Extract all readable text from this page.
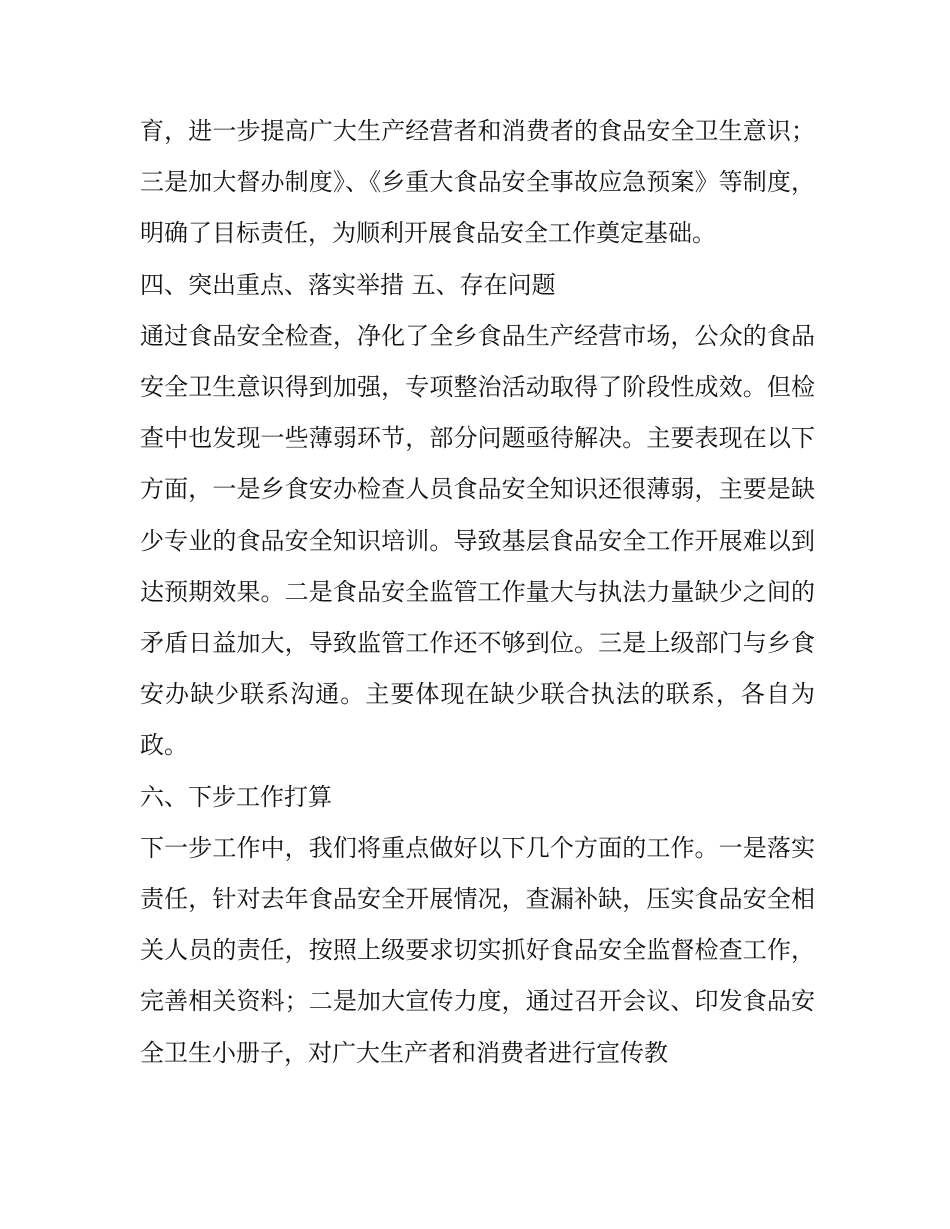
育，进一步提高广大生产经营者和消费者的食品安全卫生意识；三是加大督办制度》、《乡重大食品安全事故应急预案》等制度，明确了目标责任，为顺利开展食品安全工作奠定基础。

四、突出重点、落实举措 五、存在问题

通过食品安全检查，净化了全乡食品生产经营市场，公众的食品安全卫生意识得到加强，专项整治活动取得了阶段性成效。但检查中也发现一些薄弱环节，部分问题亟待解决。主要表现在以下方面，一是乡食安办检查人员食品安全知识还很薄弱，主要是缺少专业的食品安全知识培训。导致基层食品安全工作开展难以到达预期效果。二是食品安全监管工作量大与执法力量缺少之间的矛盾日益加大，导致监管工作还不够到位。三是上级部门与乡食安办缺少联系沟通。主要体现在缺少联合执法的联系，各自为政。

六、下步工作打算

下一步工作中，我们将重点做好以下几个方面的工作。一是落实责任，针对去年食品安全开展情况，查漏补缺，压实食品安全相关人员的责任，按照上级要求切实抓好食品安全监督检查工作，完善相关资料；二是加大宣传力度，通过召开会议、印发食品安全卫生小册子，对广大生产者和消费者进行宣传教
